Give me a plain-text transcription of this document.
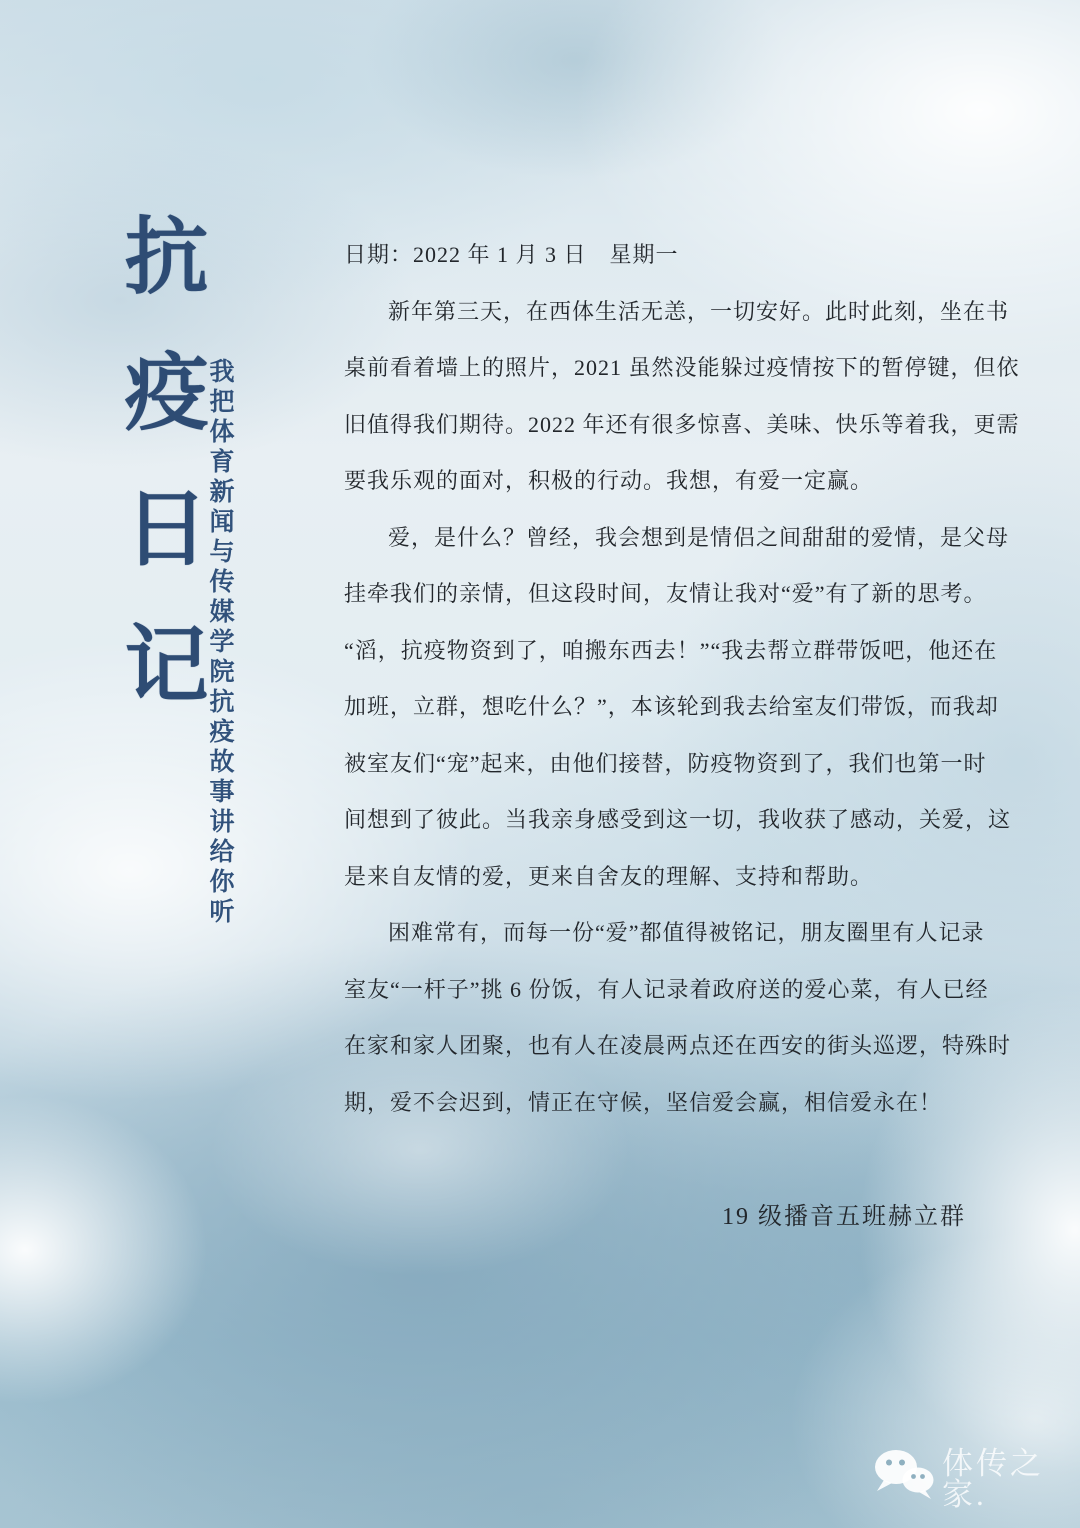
抗疫日记 我把体育新闻与传媒学院抗疫故事讲给你听
日期：2022 年 1 月 3 日　星期一
新年第三天，在西体生活无恙，一切安好。此时此刻，坐在书
桌前看着墙上的照片，2021 虽然没能躲过疫情按下的暂停键，但依
旧值得我们期待。2022 年还有很多惊喜、美味、快乐等着我，更需
要我乐观的面对，积极的行动。我想，有爱一定赢。
爱，是什么？曾经，我会想到是情侣之间甜甜的爱情，是父母
挂牵我们的亲情，但这段时间，友情让我对“爱”有了新的思考。
“滔，抗疫物资到了，咱搬东西去！”“我去帮立群带饭吧，他还在
加班，立群，想吃什么？”，本该轮到我去给室友们带饭，而我却
被室友们“宠”起来，由他们接替，防疫物资到了，我们也第一时
间想到了彼此。当我亲身感受到这一切，我收获了感动，关爱，这
是来自友情的爱，更来自舍友的理解、支持和帮助。
困难常有，而每一份“爱”都值得被铭记，朋友圈里有人记录
室友“一杆子”挑 6 份饭，有人记录着政府送的爱心菜，有人已经
在家和家人团聚，也有人在凌晨两点还在西安的街头巡逻，特殊时
期，爱不会迟到，情正在守候，坚信爱会赢，相信爱永在！
19 级播音五班赫立群
体传之家.
